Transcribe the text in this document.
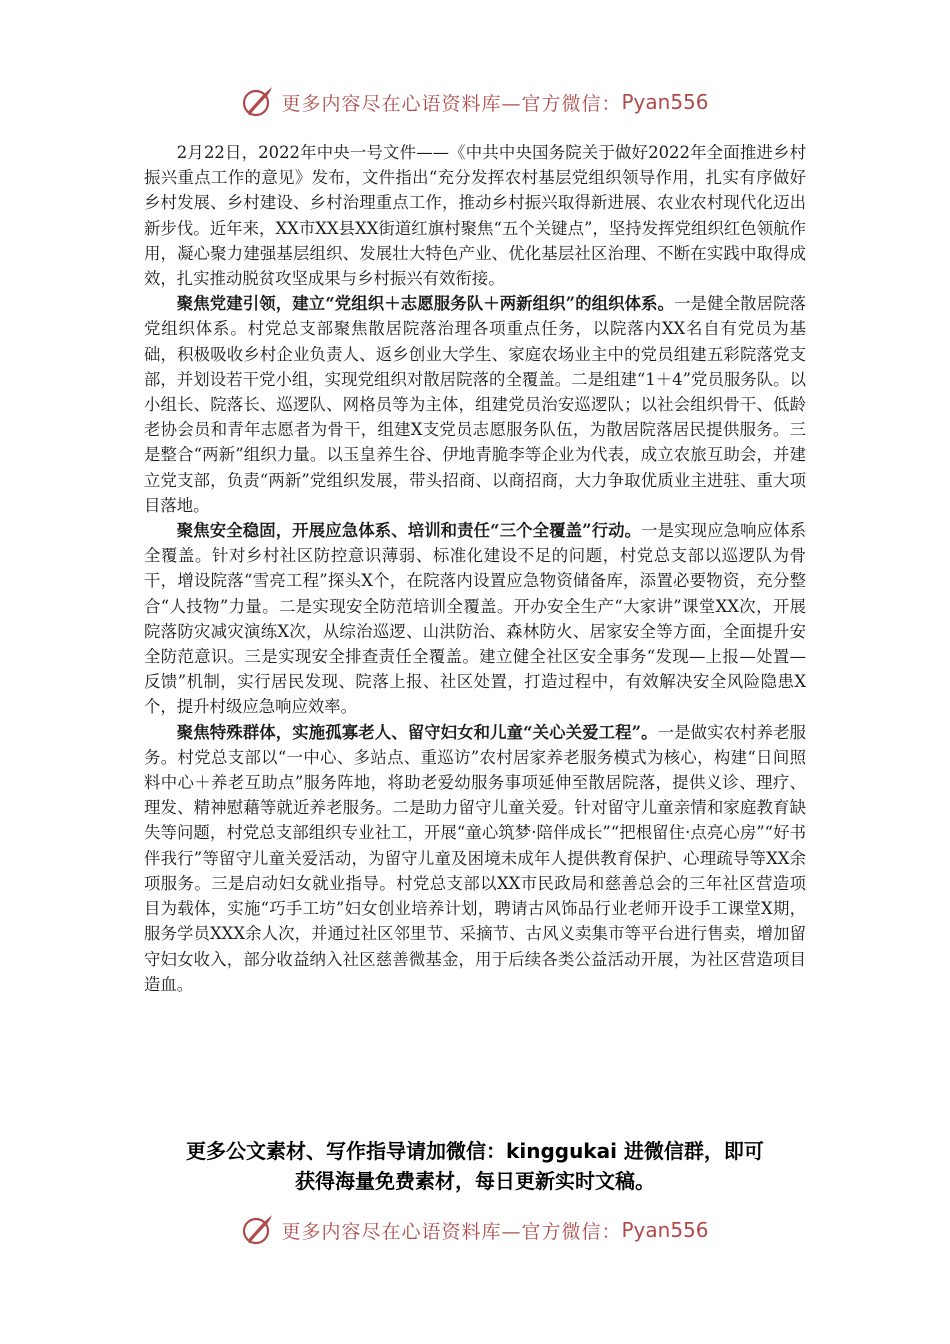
更多内容尽在心语资料库—官方微信： Pyan556

2月22日，2022年中央一号文件——《中共中央国务院关于做好2022年全面推进乡村振兴重点工作的意见》发布，文件指出“充分发挥农村基层党组织领导作用，扎实有序做好乡村发展、乡村建设、乡村治理重点工作，推动乡村振兴取得新进展、农业农村现代化迈出新步伐。近年来，XX市XX县XX街道红旗村聚焦“五个关键点”，坚持发挥党组织红色领航作用，凝心聚力建强基层组织、发展壮大特色产业、优化基层社区治理、不断在实践中取得成效，扎实推动脱贫攻坚成果与乡村振兴有效衔接。

聚焦党建引领，建立“党组织＋志愿服务队＋两新组织”的组织体系。一是健全散居院落党组织体系。村党总支部聚焦散居院落治理各项重点任务，以院落内XX名自有党员为基础，积极吸收乡村企业负责人、返乡创业大学生、家庭农场业主中的党员组建五彩院落党支部，并划设若干党小组，实现党组织对散居院落的全覆盖。二是组建“1＋4”党员服务队。以小组长、院落长、巡逻队、网格员等为主体，组建党员治安巡逻队；以社会组织骨干、低龄老协会员和青年志愿者为骨干，组建X支党员志愿服务队伍，为散居院落居民提供服务。三是整合“两新”组织力量。以玉皇养生谷、伊地青脆李等企业为代表，成立农旅互助会，并建立党支部，负责“两新”党组织发展，带头招商、以商招商，大力争取优质业主进驻、重大项目落地。

聚焦安全稳固，开展应急体系、培训和责任“三个全覆盖”行动。一是实现应急响应体系全覆盖。针对乡村社区防控意识薄弱、标准化建设不足的问题，村党总支部以巡逻队为骨干，增设院落“雪亮工程”探头X个，在院落内设置应急物资储备库，添置必要物资，充分整合“人技物”力量。二是实现安全防范培训全覆盖。开办安全生产“大家讲”课堂XX次，开展院落防灾减灾演练X次，从综治巡逻、山洪防治、森林防火、居家安全等方面，全面提升安全防范意识。三是实现安全排查责任全覆盖。建立健全社区安全事务“发现—上报—处置—反馈”机制，实行居民发现、院落上报、社区处置，打造过程中，有效解决安全风险隐患X个，提升村级应急响应效率。

聚焦特殊群体，实施孤寡老人、留守妇女和儿童“关心关爱工程”。一是做实农村养老服务。村党总支部以“一中心、多站点、重巡访”农村居家养老服务模式为核心，构建“日间照料中心＋养老互助点”服务阵地，将助老爱幼服务事项延伸至散居院落，提供义诊、理疗、理发、精神慰藉等就近养老服务。二是助力留守儿童关爱。针对留守儿童亲情和家庭教育缺失等问题，村党总支部组织专业社工，开展“童心筑梦·陪伴成长”“把根留住·点亮心房”“好书伴我行”等留守儿童关爱活动，为留守儿童及困境未成年人提供教育保护、心理疏导等XX余项服务。三是启动妇女就业指导。村党总支部以XX市民政局和慈善总会的三年社区营造项目为载体，实施“巧手工坊”妇女创业培养计划，聘请古风饰品行业老师开设手工课堂X期，服务学员XXX余人次，并通过社区邻里节、采摘节、古风义卖集市等平台进行售卖，增加留守妇女收入，部分收益纳入社区慈善微基金，用于后续各类公益活动开展，为社区营造项目造血。

更多公文素材、写作指导请加微信：kinggukai 进微信群，即可
获得海量免费素材，每日更新实时文稿。
更多内容尽在心语资料库—官方微信： Pyan556
